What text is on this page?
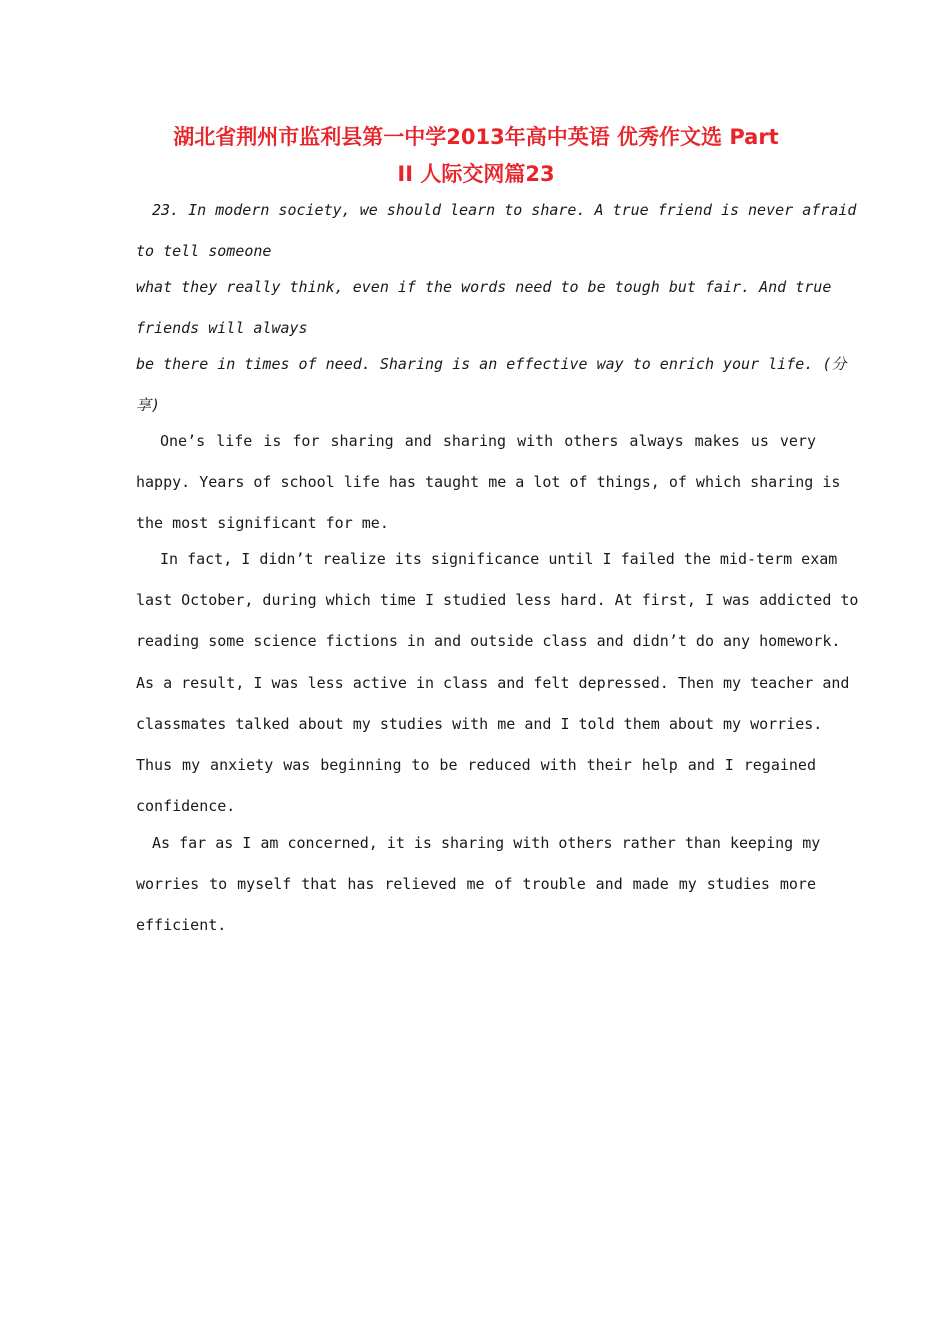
湖北省荆州市监利县第一中学2013年高中英语 优秀作文选 Part
II 人际交网篇23
23. In modern society, we should learn to share. A true friend is never afraid
to tell someone
what they really think, even if the words need to be tough but fair. And true
friends will always
be there in times of need. Sharing is an effective way to enrich your life. (分
享)
One’s life is for sharing and sharing with others always makes us very
happy. Years of school life has taught me a lot of things, of which sharing is
the most significant for me.
In fact, I didn’t realize its significance until I failed the mid-term exam
last October, during which time I studied less hard. At first, I was addicted to
reading some science fictions in and outside class and didn’t do any homework.
As a result, I was less active in class and felt depressed. Then my teacher and
classmates talked about my studies with me and I told them about my worries.
Thus my anxiety was beginning to be reduced with their help and I regained
confidence.
As far as I am concerned, it is sharing with others rather than keeping my
worries to myself that has relieved me of trouble and made my studies more
efficient.
